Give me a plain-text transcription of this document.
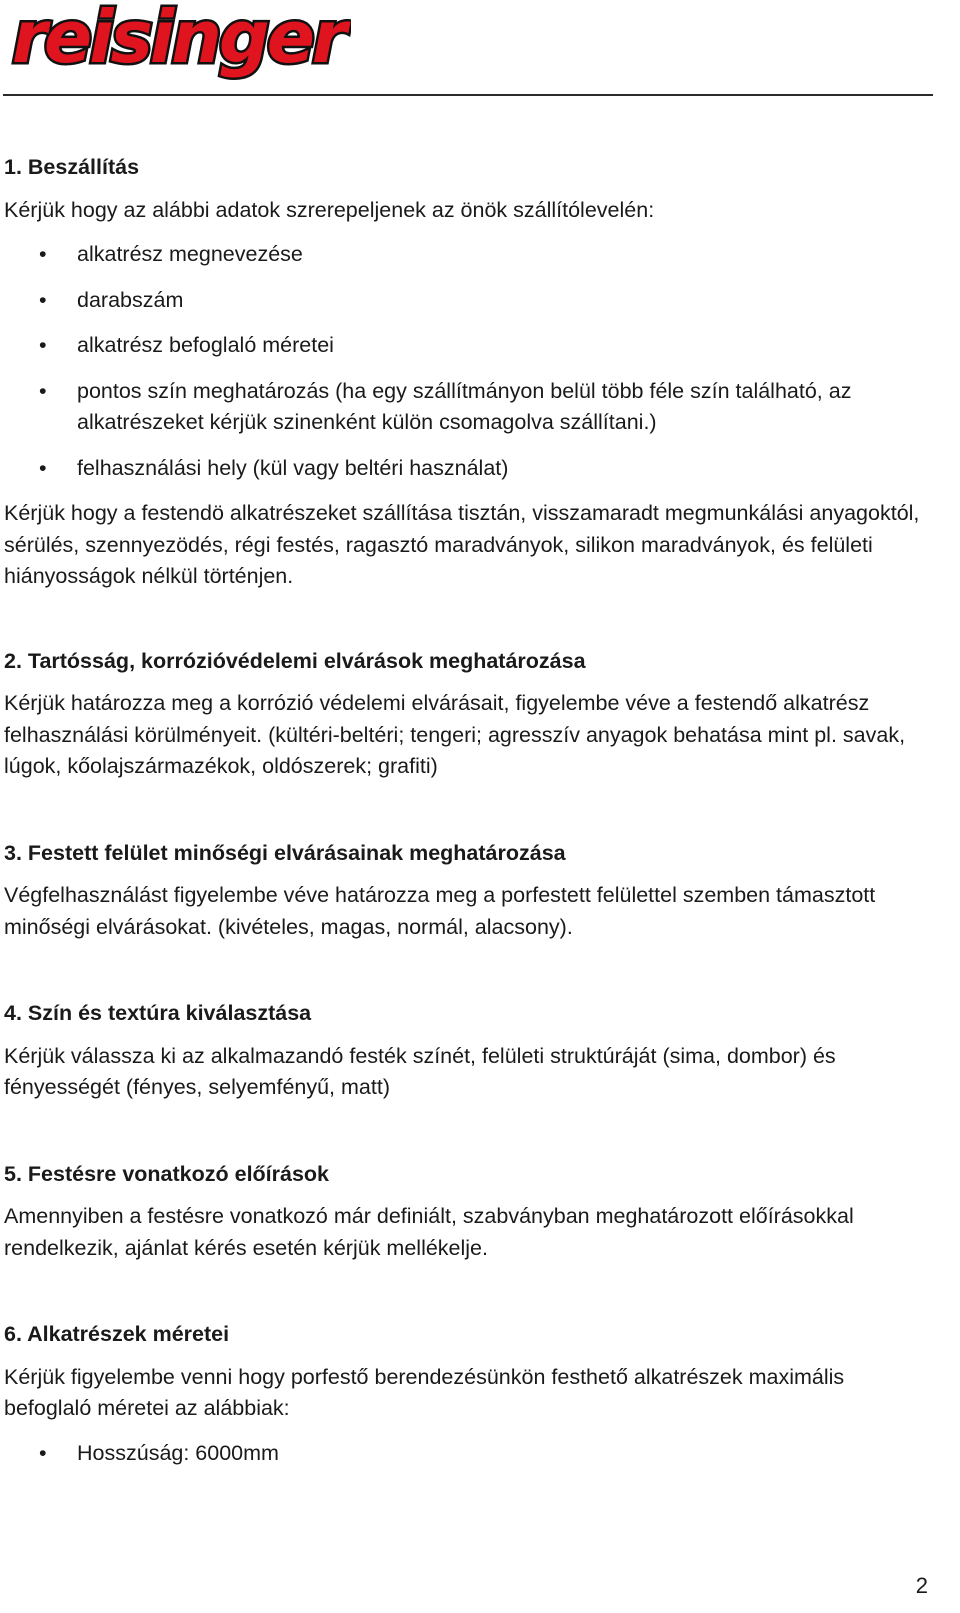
reisinger

1. Beszállítás

Kérjük hogy az alábbi adatok szrerepeljenek az önök szállítólevelén:

• alkatrész megnevezése
• darabszám
• alkatrész befoglaló méretei
• pontos szín meghatározás (ha egy szállítmányon belül több féle szín található, az alkatrészeket kérjük szinenként külön csomagolva szállítani.)
• felhasználási hely (kül vagy beltéri használat)

Kérjük hogy a festendö alkatrészeket szállítása tisztán, visszamaradt megmunkálási anyagoktól, sérülés, szennyezödés, régi festés, ragasztó maradványok, silikon maradványok, és felületi hiányosságok nélkül történjen.

2. Tartósság, korrózióvédelemi elvárások meghatározása

Kérjük határozza meg a korrózió védelemi elvárásait, figyelembe véve a festendő alkatrész felhasználási körülményeit. (kültéri-beltéri; tengeri; agresszív anyagok behatása mint pl. savak, lúgok, kőolajszármazékok, oldószerek; grafiti)

3. Festett felület minőségi elvárásainak meghatározása

Végfelhasználást figyelembe véve határozza meg a porfestett felülettel szemben támasztott minőségi elvárásokat. (kivételes, magas, normál, alacsony).

4. Szín és textúra kiválasztása

Kérjük válassza ki az alkalmazandó festék színét, felületi struktúráját (sima, dombor) és fényességét (fényes, selyemfényű, matt)

5. Festésre vonatkozó előírások

Amennyiben a festésre vonatkozó már definiált, szabványban meghatározott előírásokkal rendelkezik, ajánlat kérés esetén kérjük mellékelje.

6. Alkatrészek méretei

Kérjük figyelembe venni hogy porfestő berendezésünkön festhető alkatrészek maximális befoglaló méretei az alábbiak:

• Hosszúság: 6000mm
2
